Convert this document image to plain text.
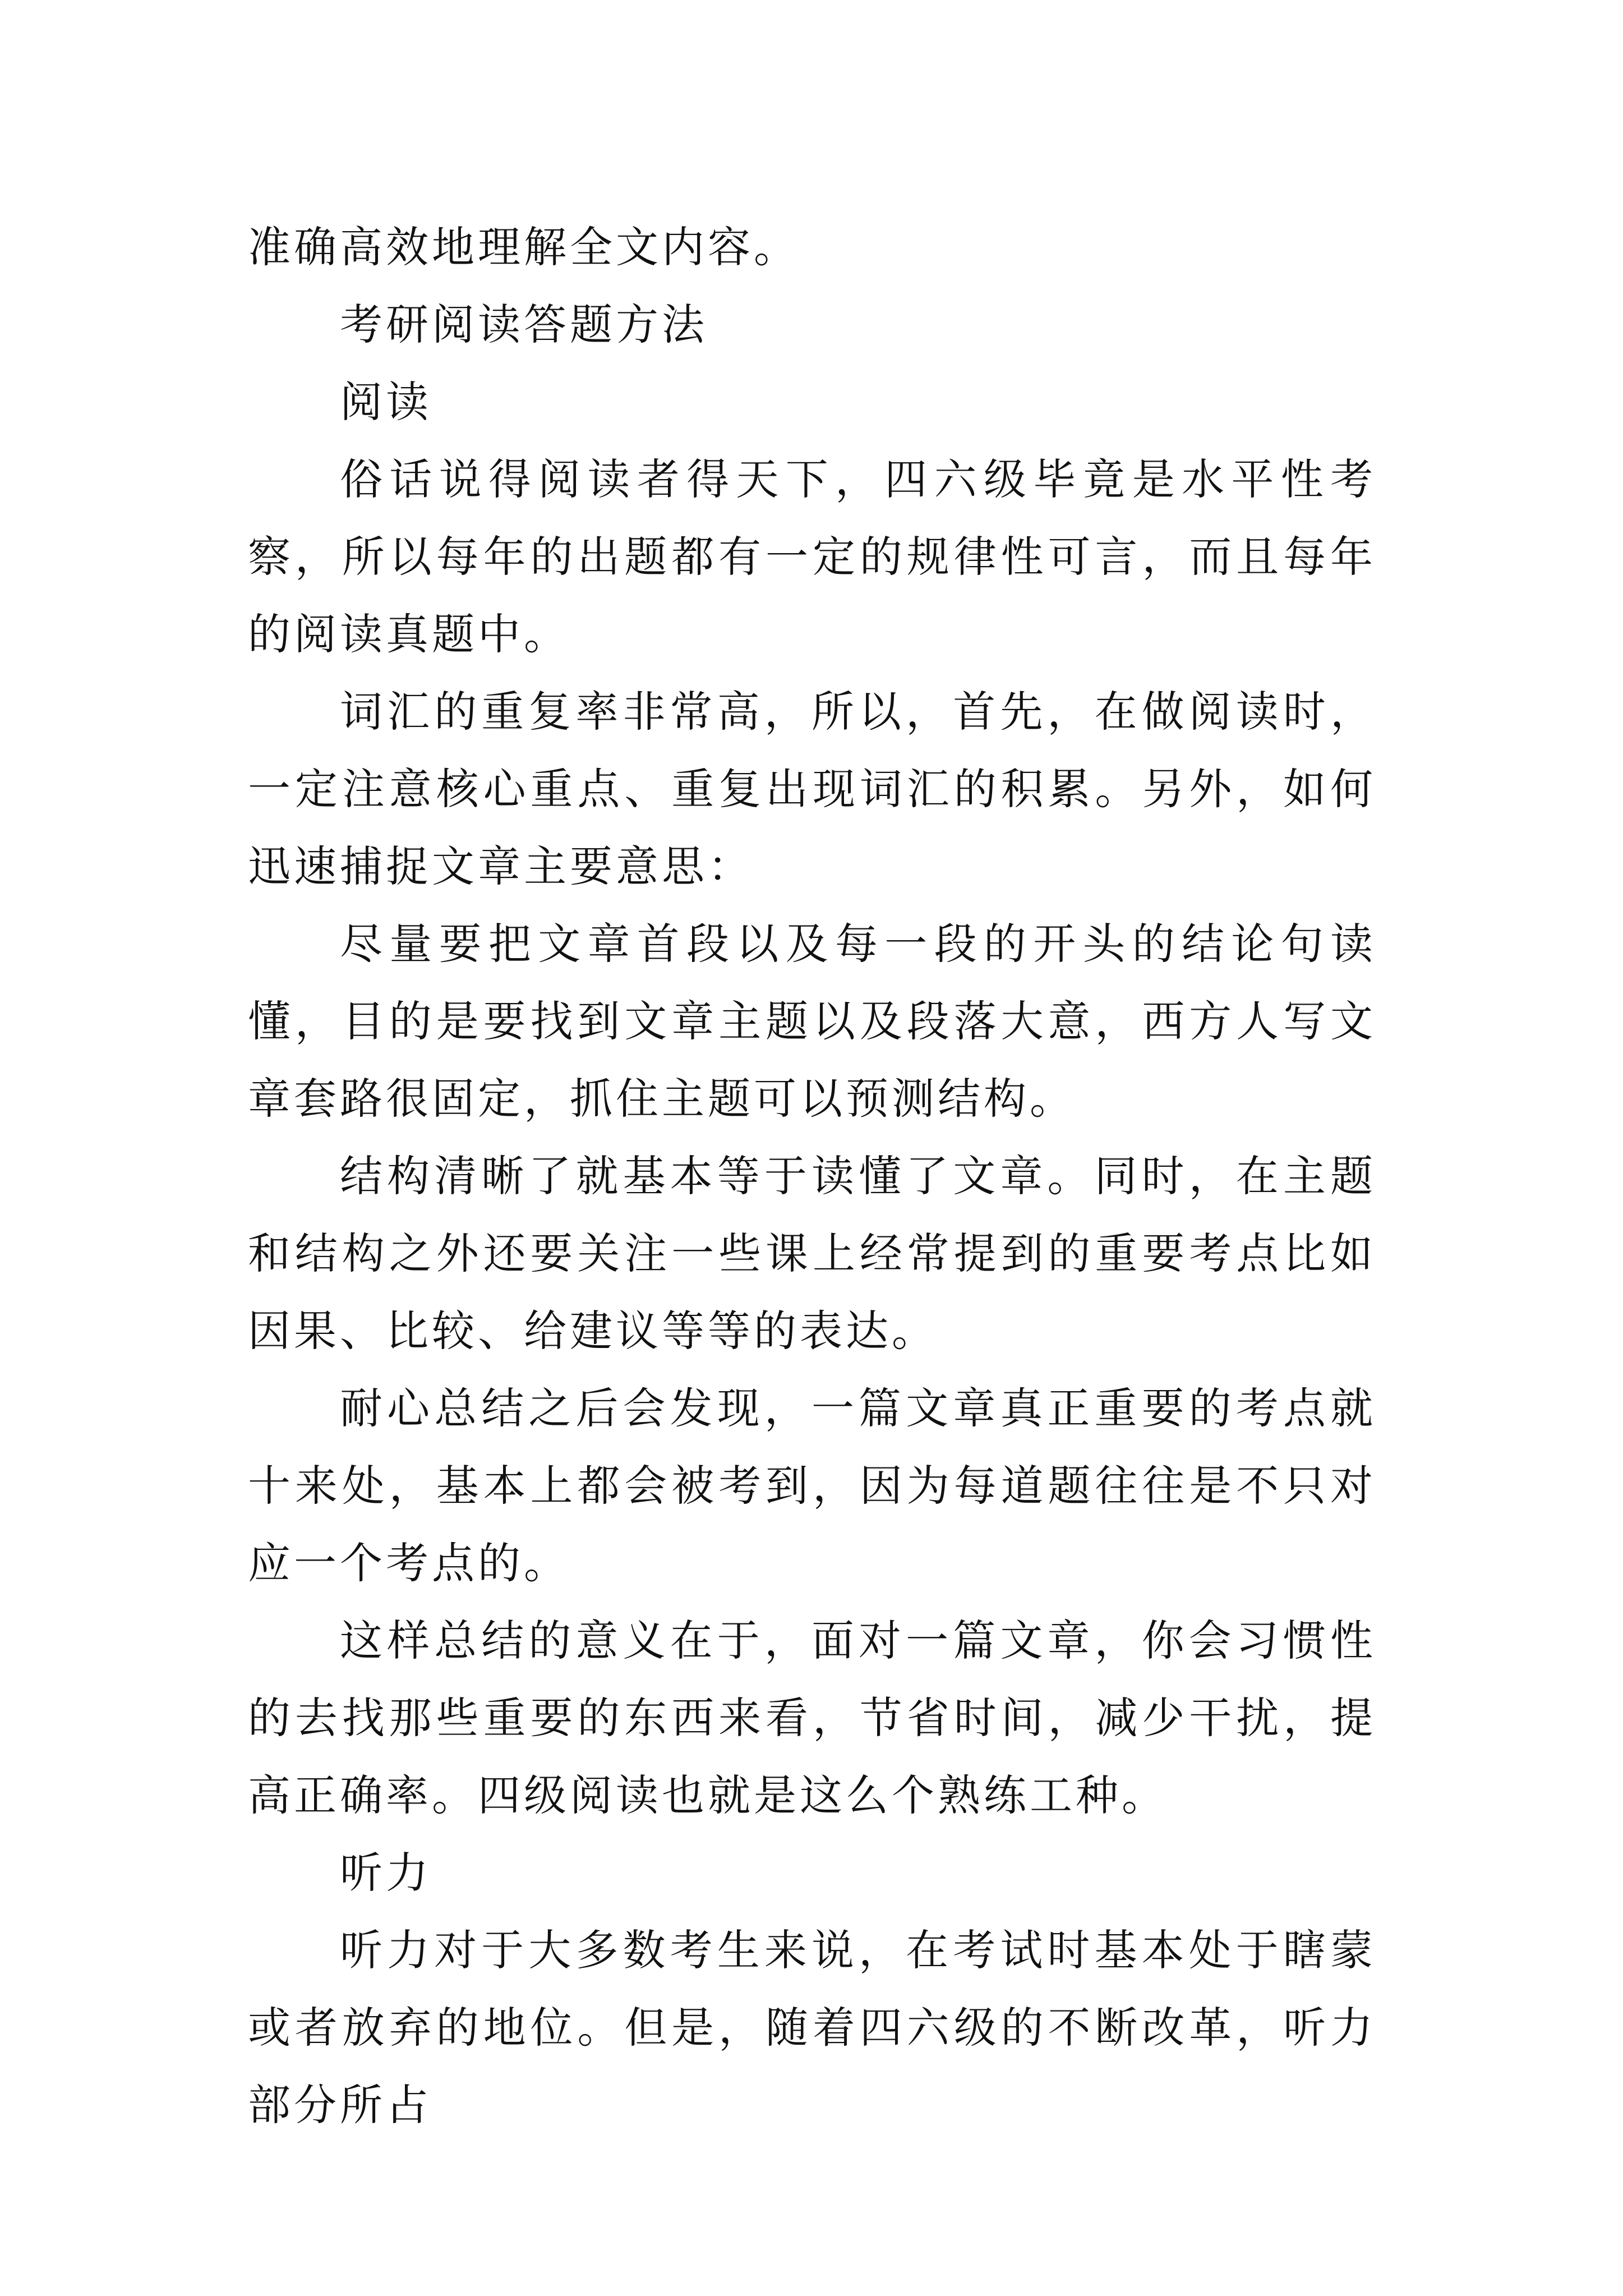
准确高效地理解全文内容。

考研阅读答题方法

阅读

俗话说得阅读者得天下，四六级毕竟是水平性考察，所以每年的出题都有一定的规律性可言，而且每年的阅读真题中。

词汇的重复率非常高，所以，首先，在做阅读时，一定注意核心重点、重复出现词汇的积累。另外，如何迅速捕捉文章主要意思：

尽量要把文章首段以及每一段的开头的结论句读懂，目的是要找到文章主题以及段落大意，西方人写文章套路很固定，抓住主题可以预测结构。

结构清晰了就基本等于读懂了文章。同时，在主题和结构之外还要关注一些课上经常提到的重要考点比如因果、比较、给建议等等的表达。

耐心总结之后会发现，一篇文章真正重要的考点就十来处，基本上都会被考到，因为每道题往往是不只对应一个考点的。

这样总结的意义在于，面对一篇文章，你会习惯性的去找那些重要的东西来看，节省时间，减少干扰，提高正确率。四级阅读也就是这么个熟练工种。

听力

听力对于大多数考生来说，在考试时基本处于瞎蒙或者放弃的地位。但是，随着四六级的不断改革，听力部分所占
